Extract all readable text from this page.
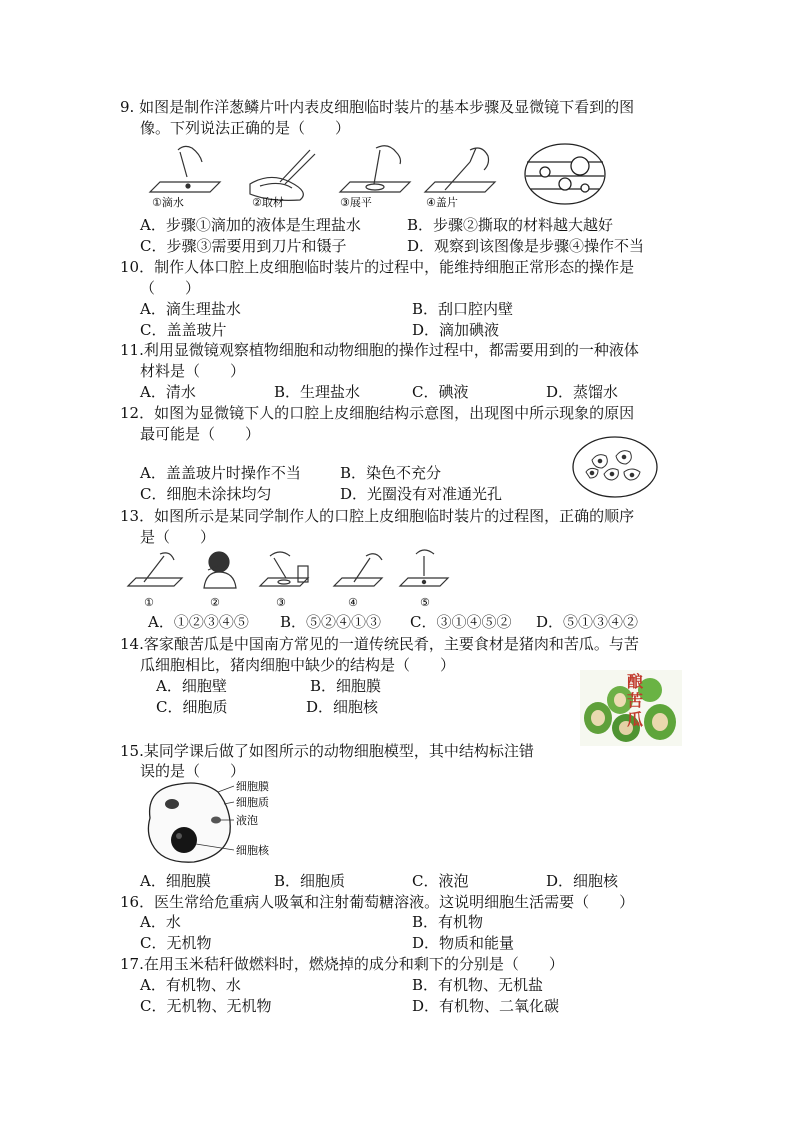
9. 如图是制作洋葱鳞片叶内表皮细胞临时装片的基本步骤及显微镜下看到的图
像。下列说法正确的是（　　）
①滴水	②取材	③展平	④盖片
A．步骤①滴加的液体是生理盐水	B．步骤②撕取的材料越大越好
C．步骤③需要用到刀片和镊子	D．观察到该图像是步骤④操作不当
10．制作人体口腔上皮细胞临时装片的过程中，能维持细胞正常形态的操作是
（　　）
A．滴生理盐水	B．刮口腔内壁
C．盖盖玻片	D．滴加碘液
11.利用显微镜观察植物细胞和动物细胞的操作过程中，都需要用到的一种液体
材料是（　　）
A．清水	B．生理盐水	C．碘液	D．蒸馏水
12．如图为显微镜下人的口腔上皮细胞结构示意图，出现图中所示现象的原因
最可能是（　　）
A．盖盖玻片时操作不当	B．染色不充分
C．细胞未涂抹均匀	D．光圈没有对准通光孔
13．如图所示是某同学制作人的口腔上皮细胞临时装片的过程图，正确的顺序
是（　　）
①	②	③	④	⑤
A．①②③④⑤ B．⑤②④①③ C．③①④⑤② D．⑤①③④②
14.客家酿苦瓜是中国南方常见的一道传统民肴，主要食材是猪肉和苦瓜。与苦
瓜细胞相比，猪肉细胞中缺少的结构是（　　）
A．细胞壁	B．细胞膜
C．细胞质	D．细胞核
酿
苦
瓜
15.某同学课后做了如图所示的动物细胞模型，其中结构标注错
误的是（　　）
细胞膜
细胞质
液泡
细胞核
A．细胞膜	B．细胞质	C．液泡	D．细胞核
16．医生常给危重病人吸氧和注射葡萄糖溶液。这说明细胞生活需要（　　）
A．水	B．有机物
C．无机物	D．物质和能量
17.在用玉米秸秆做燃料时，燃烧掉的成分和剩下的分别是（　　）
A．有机物、水	B．有机物、无机盐
C．无机物、无机物	D．有机物、二氧化碳
